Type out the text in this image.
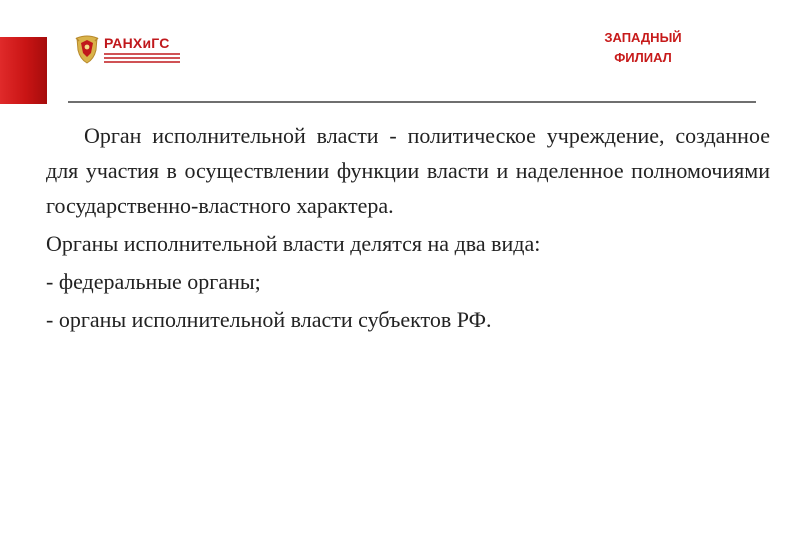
РАНХиГС	ЗАПАДНЫЙ
ФИЛИАЛ

Орган исполнительной власти - политическое учреждение, созданное для участия в осуществлении функции власти и наделенное полномочиями государственно-властного характера.

Органы исполнительной власти делятся на два вида:

- федеральные органы;

- органы исполнительной власти субъектов РФ.
